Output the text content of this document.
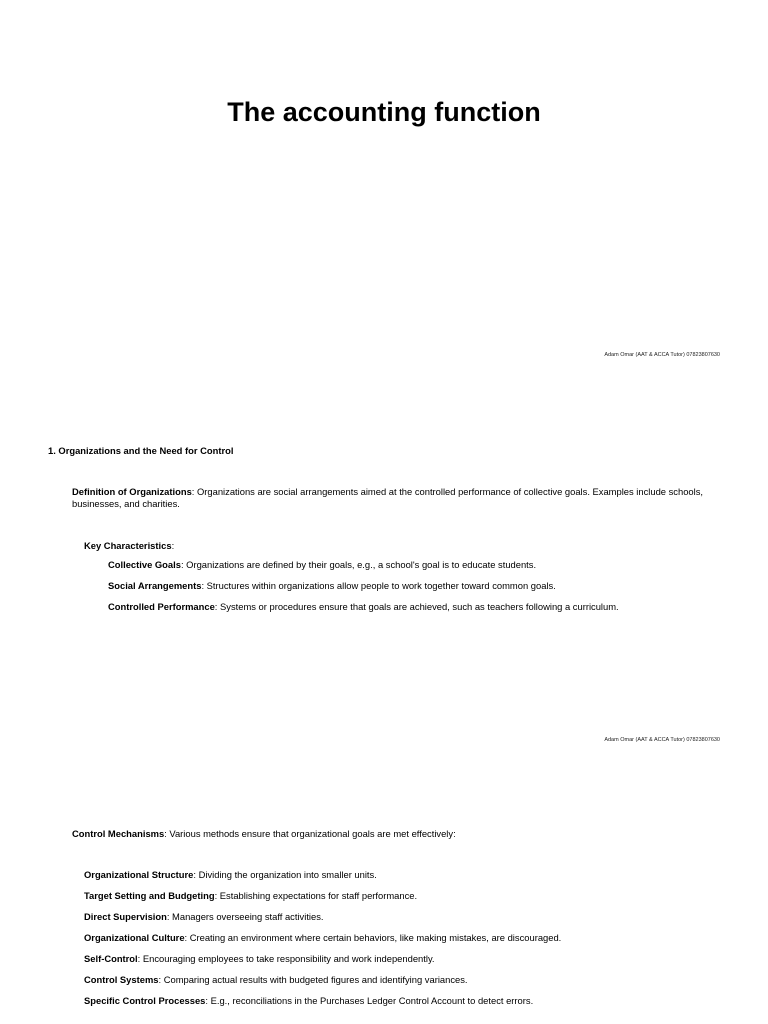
The accounting function
Adam Omar (AAT & ACCA Tutor) 07823807630
1. Organizations and the Need for Control
Definition of Organizations: Organizations are social arrangements aimed at the controlled performance of collective goals. Examples include schools, businesses, and charities.
Key Characteristics:
Collective Goals: Organizations are defined by their goals, e.g., a school's goal is to educate students.
Social Arrangements: Structures within organizations allow people to work together toward common goals.
Controlled Performance: Systems or procedures ensure that goals are achieved, such as teachers following a curriculum.
Adam Omar (AAT & ACCA Tutor) 07823807630
Control Mechanisms: Various methods ensure that organizational goals are met effectively:
Organizational Structure: Dividing the organization into smaller units.
Target Setting and Budgeting: Establishing expectations for staff performance.
Direct Supervision: Managers overseeing staff activities.
Organizational Culture: Creating an environment where certain behaviors, like making mistakes, are discouraged.
Self-Control: Encouraging employees to take responsibility and work independently.
Control Systems: Comparing actual results with budgeted figures and identifying variances.
Specific Control Processes: E.g., reconciliations in the Purchases Ledger Control Account to detect errors.
